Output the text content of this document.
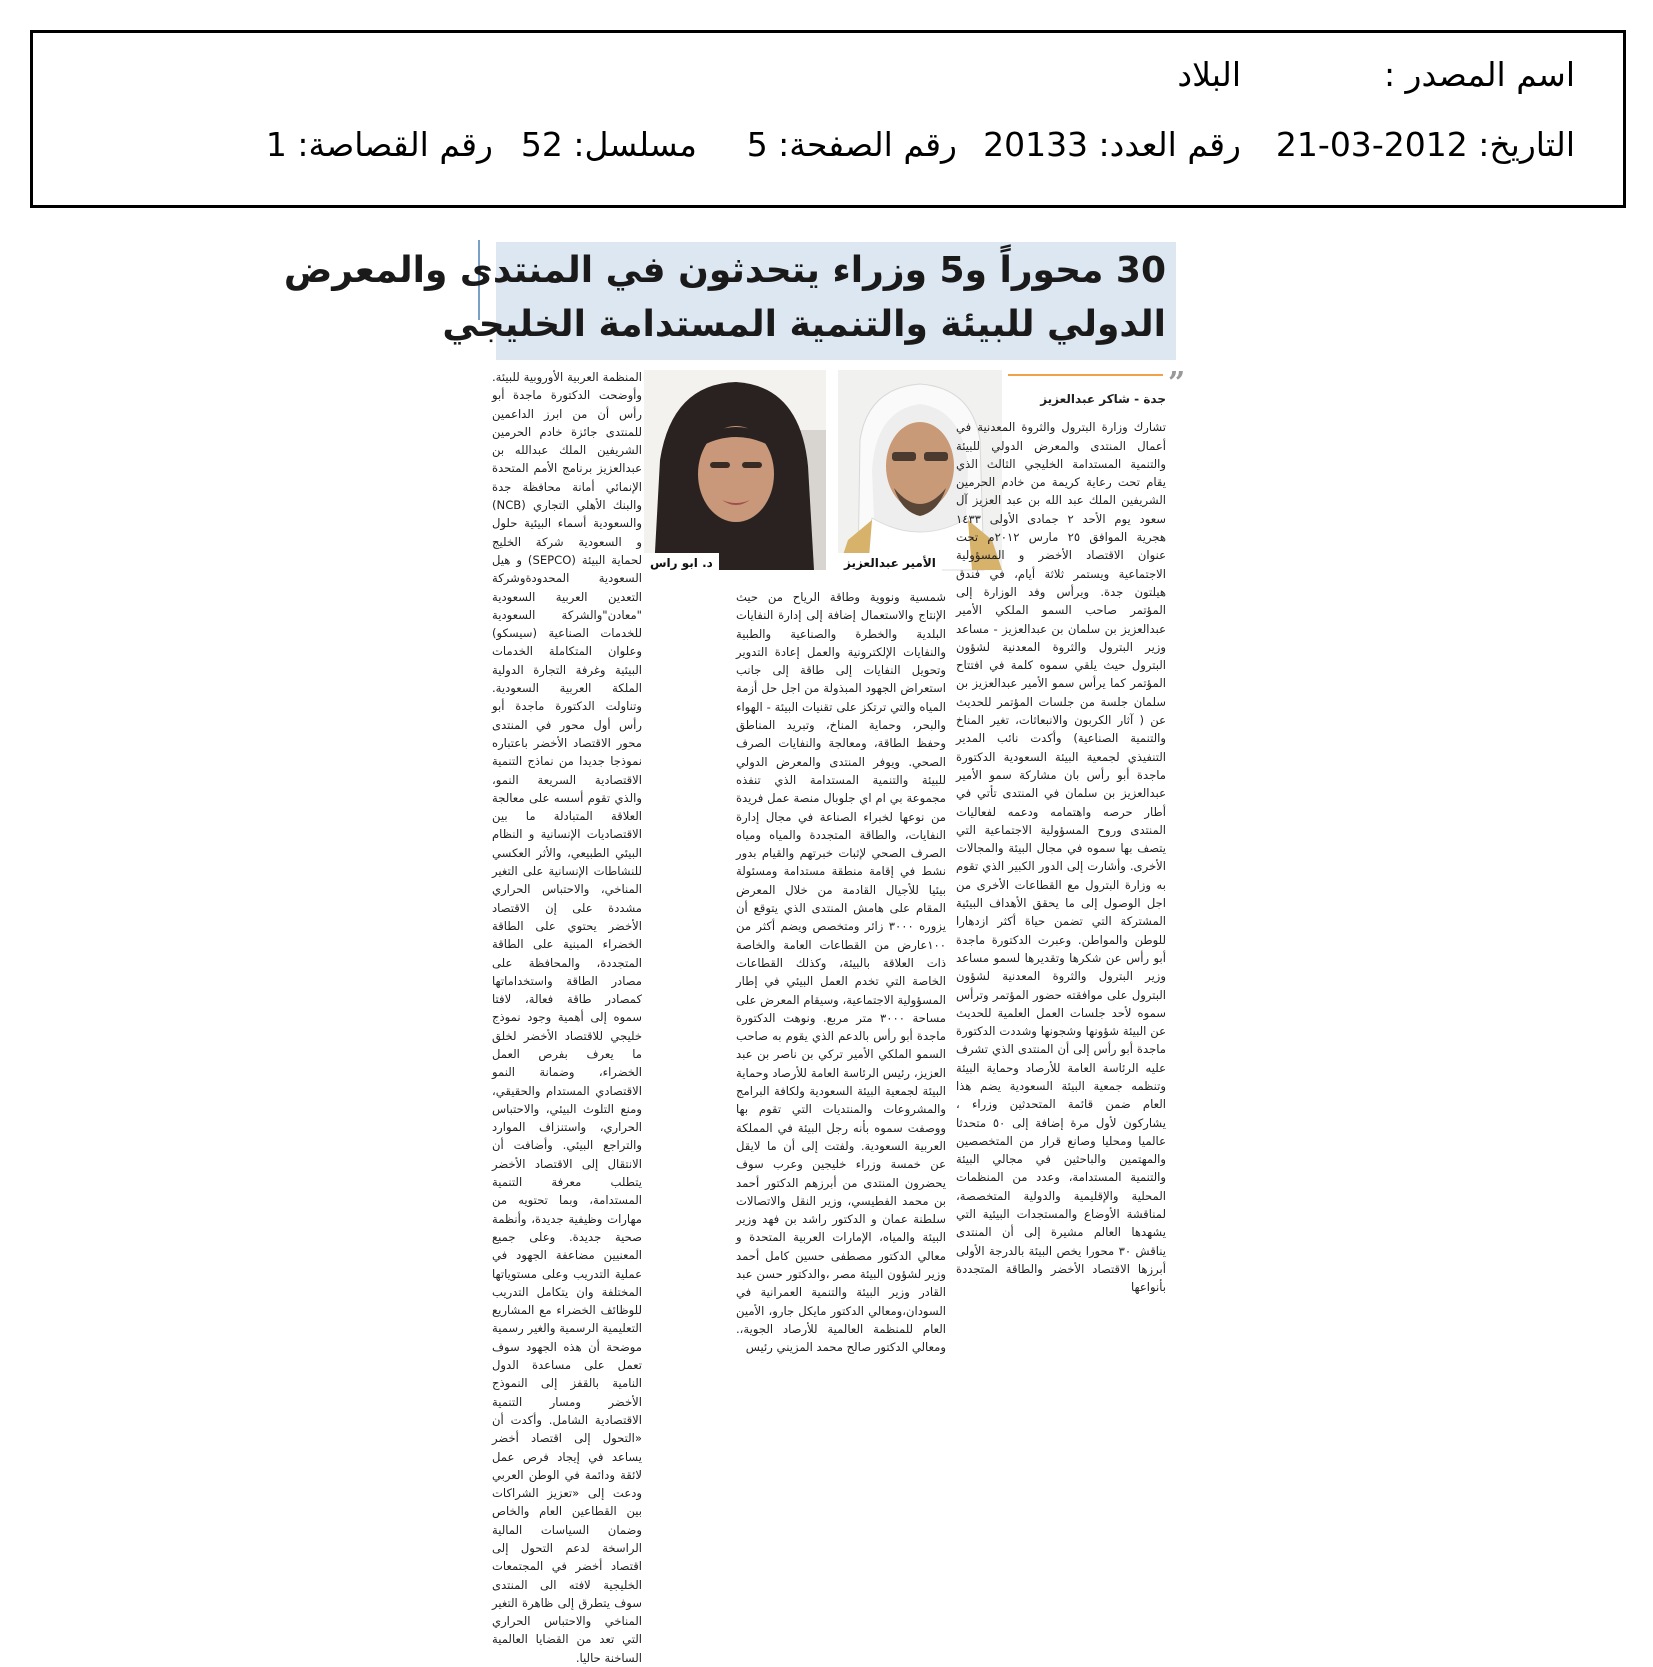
اسم المصدر :
البلاد
التاريخ: 2012-03-21
رقم العدد: 20133
رقم الصفحة: 5
مسلسل: 52
رقم القصاصة: 1
30 محوراً و5 وزراء يتحدثون في المنتدى والمعرض
الدولي للبيئة والتنمية المستدامة الخليجي
”
الأمير عبدالعزيز
د. ابو راس

جدة - شاكر عبدالعزيز

تشارك وزارة البترول والثروة المعدنية في أعمال المنتدى والمعرض الدولي للبيئة والتنمية المستدامة الخليجي الثالث الذي يقام تحت رعاية كريمة من خادم الحرمين الشريفين الملك عبد الله بن عبد العزيز آل سعود يوم الأحد ٢ جمادى الأولى ١٤٣٣ هجرية الموافق ٢٥ مارس ٢٠١٢م تحت عنوان الاقتصاد الأخضر و المسؤولية الاجتماعية ويستمر ثلاثة أيام، في فندق هيلتون جدة. ويرأس وفد الوزارة إلى المؤتمر صاحب السمو الملكي الأمير عبدالعزيز بن سلمان بن عبدالعزيز - مساعد وزير البترول والثروة المعدنية لشؤون البترول حيث يلقي سموه كلمة في افتتاح المؤتمر كما يرأس سمو الأمير عبدالعزيز بن سلمان جلسة من جلسات المؤتمر للحديث عن ( آثار الكربون والانبعاثات، تغير المناخ والتنمية الصناعية) وأكدت نائب المدير التنفيذي لجمعية البيئة السعودية الدكتورة ماجدة أبو رأس بان مشاركة سمو الأمير عبدالعزيز بن سلمان في المنتدى تأتي في أطار حرصه واهتمامه ودعمه لفعاليات المنتدى وروح المسؤولية الاجتماعية التي يتصف بها سموه في مجال البيئة والمجالات الأخرى. وأشارت إلى الدور الكبير الذي تقوم به وزارة البترول مع القطاعات الأخرى من اجل الوصول إلى ما يحقق الأهداف البيئية المشتركة التي تضمن حياة أكثر ازدهارا للوطن والمواطن. وعبرت الدكتورة ماجدة أبو رأس عن شكرها وتقديرها لسمو مساعد وزير البترول والثروة المعدنية لشؤون البترول على موافقته حضور المؤتمر وترأس سموه لأحد جلسات العمل العلمية للحديث عن البيئة شؤونها وشجونها وشددت الدكتورة ماجدة أبو رأس إلى أن المنتدى الذي تشرف عليه الرئاسة العامة للأرصاد وحماية البيئة وتنظمه جمعية البيئة السعودية يضم هذا العام ضمن قائمة المتحدثين وزراء ، يشاركون لأول مرة إضافة إلى ٥٠ متحدثا عالميا ومحليا وصانع قرار من المتخصصين والمهتمين والباحثين في مجالي البيئة والتنمية المستدامة، وعدد من المنظمات المحلية والإقليمية والدولية المتخصصة، لمناقشة الأوضاع والمستجدات البيئية التي يشهدها العالم مشيرة إلى أن المنتدى يناقش ٣٠ محورا يخص البيئة بالدرجة الأولى أبرزها الاقتصاد الأخضر والطاقة المتجددة بأنواعها

شمسية ونووية وطاقة الرياح من حيث الإنتاج والاستعمال إضافة إلى إدارة النفايات البلدية والخطرة والصناعية والطبية والنفايات الإلكترونية والعمل إعادة التدوير وتحويل النفايات إلى طاقة إلى جانب استعراض الجهود المبذولة من اجل حل أزمة المياه والتي ترتكز على تقنيات البيئة - الهواء والبحر، وحماية المناخ، وتبريد المناطق وحفظ الطاقة، ومعالجة والنفايات الصرف الصحي. ويوفر المنتدى والمعرض الدولي للبيئة والتنمية المستدامة الذي تنفذه مجموعة بي ام اي جلوبال منصة عمل فريدة من نوعها لخبراء الصناعة في مجال إدارة النفايات، والطاقة المتجددة والمياه ومياه الصرف الصحي لإثبات خبرتهم والقيام بدور نشط في إقامة منطقة مستدامة ومسئولة بيئيا للأجيال القادمة من خلال المعرض المقام على هامش المنتدى الذي يتوقع أن يزوره ٣٠٠٠ زائر ومتخصص ويضم أكثر من ١٠٠عارض من القطاعات العامة والخاصة ذات العلاقة بالبيئة، وكذلك القطاعات الخاصة التي تخدم العمل البيئي في إطار المسؤولية الاجتماعية، وسيقام المعرض على مساحة ٣٠٠٠ متر مربع. ونوهت الدكتورة ماجدة أبو رأس بالدعم الذي يقوم به صاحب السمو الملكي الأمير تركي بن ناصر بن عبد العزيز، رئيس الرئاسة العامة للأرصاد وحماية البيئة لجمعية البيئة السعودية ولكافة البرامج والمشروعات والمنتديات التي تقوم بها ووصفت سموه بأنه رجل البيئة في المملكة العربية السعودية. ولفتت إلى أن ما لايقل عن خمسة وزراء خليجين وعرب سوف يحضرون المنتدى من أبرزهم الدكتور أحمد بن محمد الفطيسي، وزير النقل والاتصالات سلطنة عمان و الدكتور راشد بن فهد وزير البيئة والمياه، الإمارات العربية المتحدة و معالي الدكتور مصطفى حسين كامل أحمد وزير لشؤون البيئة مصر ،والدكتور حسن عبد القادر وزير البيئة والتنمية العمرانية في السودان،ومعالي الدكتور مايكل جارو، الأمين العام للمنظمة العالمية للأرصاد الجوية،. ومعالي الدكتور صالح محمد المزيني رئيس

المنظمة العربية الأوروبية للبيئة. وأوضحت الدكتورة ماجدة أبو رأس أن من ابرز الداعمين للمنتدى جائزة خادم الحرمين الشريفين الملك عبدالله بن عبدالعزيز برنامج الأمم المتحدة الإنمائي أمانة محافظة جدة والبنك الأهلي التجاري (NCB) والسعودية أسماء البيئية حلول و السعودية شركة الخليج لحماية البيئة (SEPCO) و هيل السعودية المحدودةوشركة التعدين العربية السعودية "معادن"والشركة السعودية للخدمات الصناعية (سيسكو) وعلوان المتكاملة الخدمات البيئية وغرفة التجارة الدولية الملكة العربية السعودية. وتناولت الدكتورة ماجدة أبو رأس أول محور في المنتدى محور الاقتصاد الأخضر باعتباره نموذجا جديدا من نماذج التنمية الاقتصادية السريعة النمو، والذي تقوم أسسه على معالجة العلاقة المتبادلة ما بين الاقتصاديات الإنسانية و النظام البيئي الطبيعي، والأثر العكسي للنشاطات الإنسانية على التغير المناخي، والاحتباس الحراري مشددة على إن الاقتصاد الأخضر يحتوي على الطاقة الخضراء المبنية على الطاقة المتجددة، والمحافظة على مصادر الطاقة واستخداماتها كمصادر طاقة فعالة، لافتا سموه إلى أهمية وجود نموذج خليجي للاقتصاد الأخضر لخلق ما يعرف بفرص العمل الخضراء، وضمانة النمو الاقتصادي المستدام والحقيقي، ومنع التلوث البيئي، والاحتباس الحراري، واستنزاف الموارد والتراجع البيئي. وأضافت أن الانتقال إلى الاقتصاد الأخضر يتطلب معرفة التنمية المستدامة، وبما تحتويه من مهارات وظيفية جديدة، وأنظمة صحية جديدة. وعلى جميع المعنيين مضاعفة الجهود في عملية التدريب وعلى مستوياتها المختلفة وان يتكامل التدريب للوظائف الخضراء مع المشاريع التعليمية الرسمية والغير رسمية موضحة أن هذه الجهود سوف تعمل على مساعدة الدول النامية بالقفز إلى النموذج الأخضر ومسار التنمية الاقتصادية الشامل. وأكدت أن «التحول إلى اقتصاد أخضر يساعد في إيجاد فرص عمل لائقة ودائمة في الوطن العربي ودعت إلى «تعزيز الشراكات بين القطاعين العام والخاص وضمان السياسات المالية الراسخة لدعم التحول إلى اقتصاد أخضر في المجتمعات الخليجية لافته الى المنتدى سوف يتطرق إلى ظاهرة التغير المناخي والاحتباس الحراري التي تعد من القضايا العالمية الساخنة حاليا.
